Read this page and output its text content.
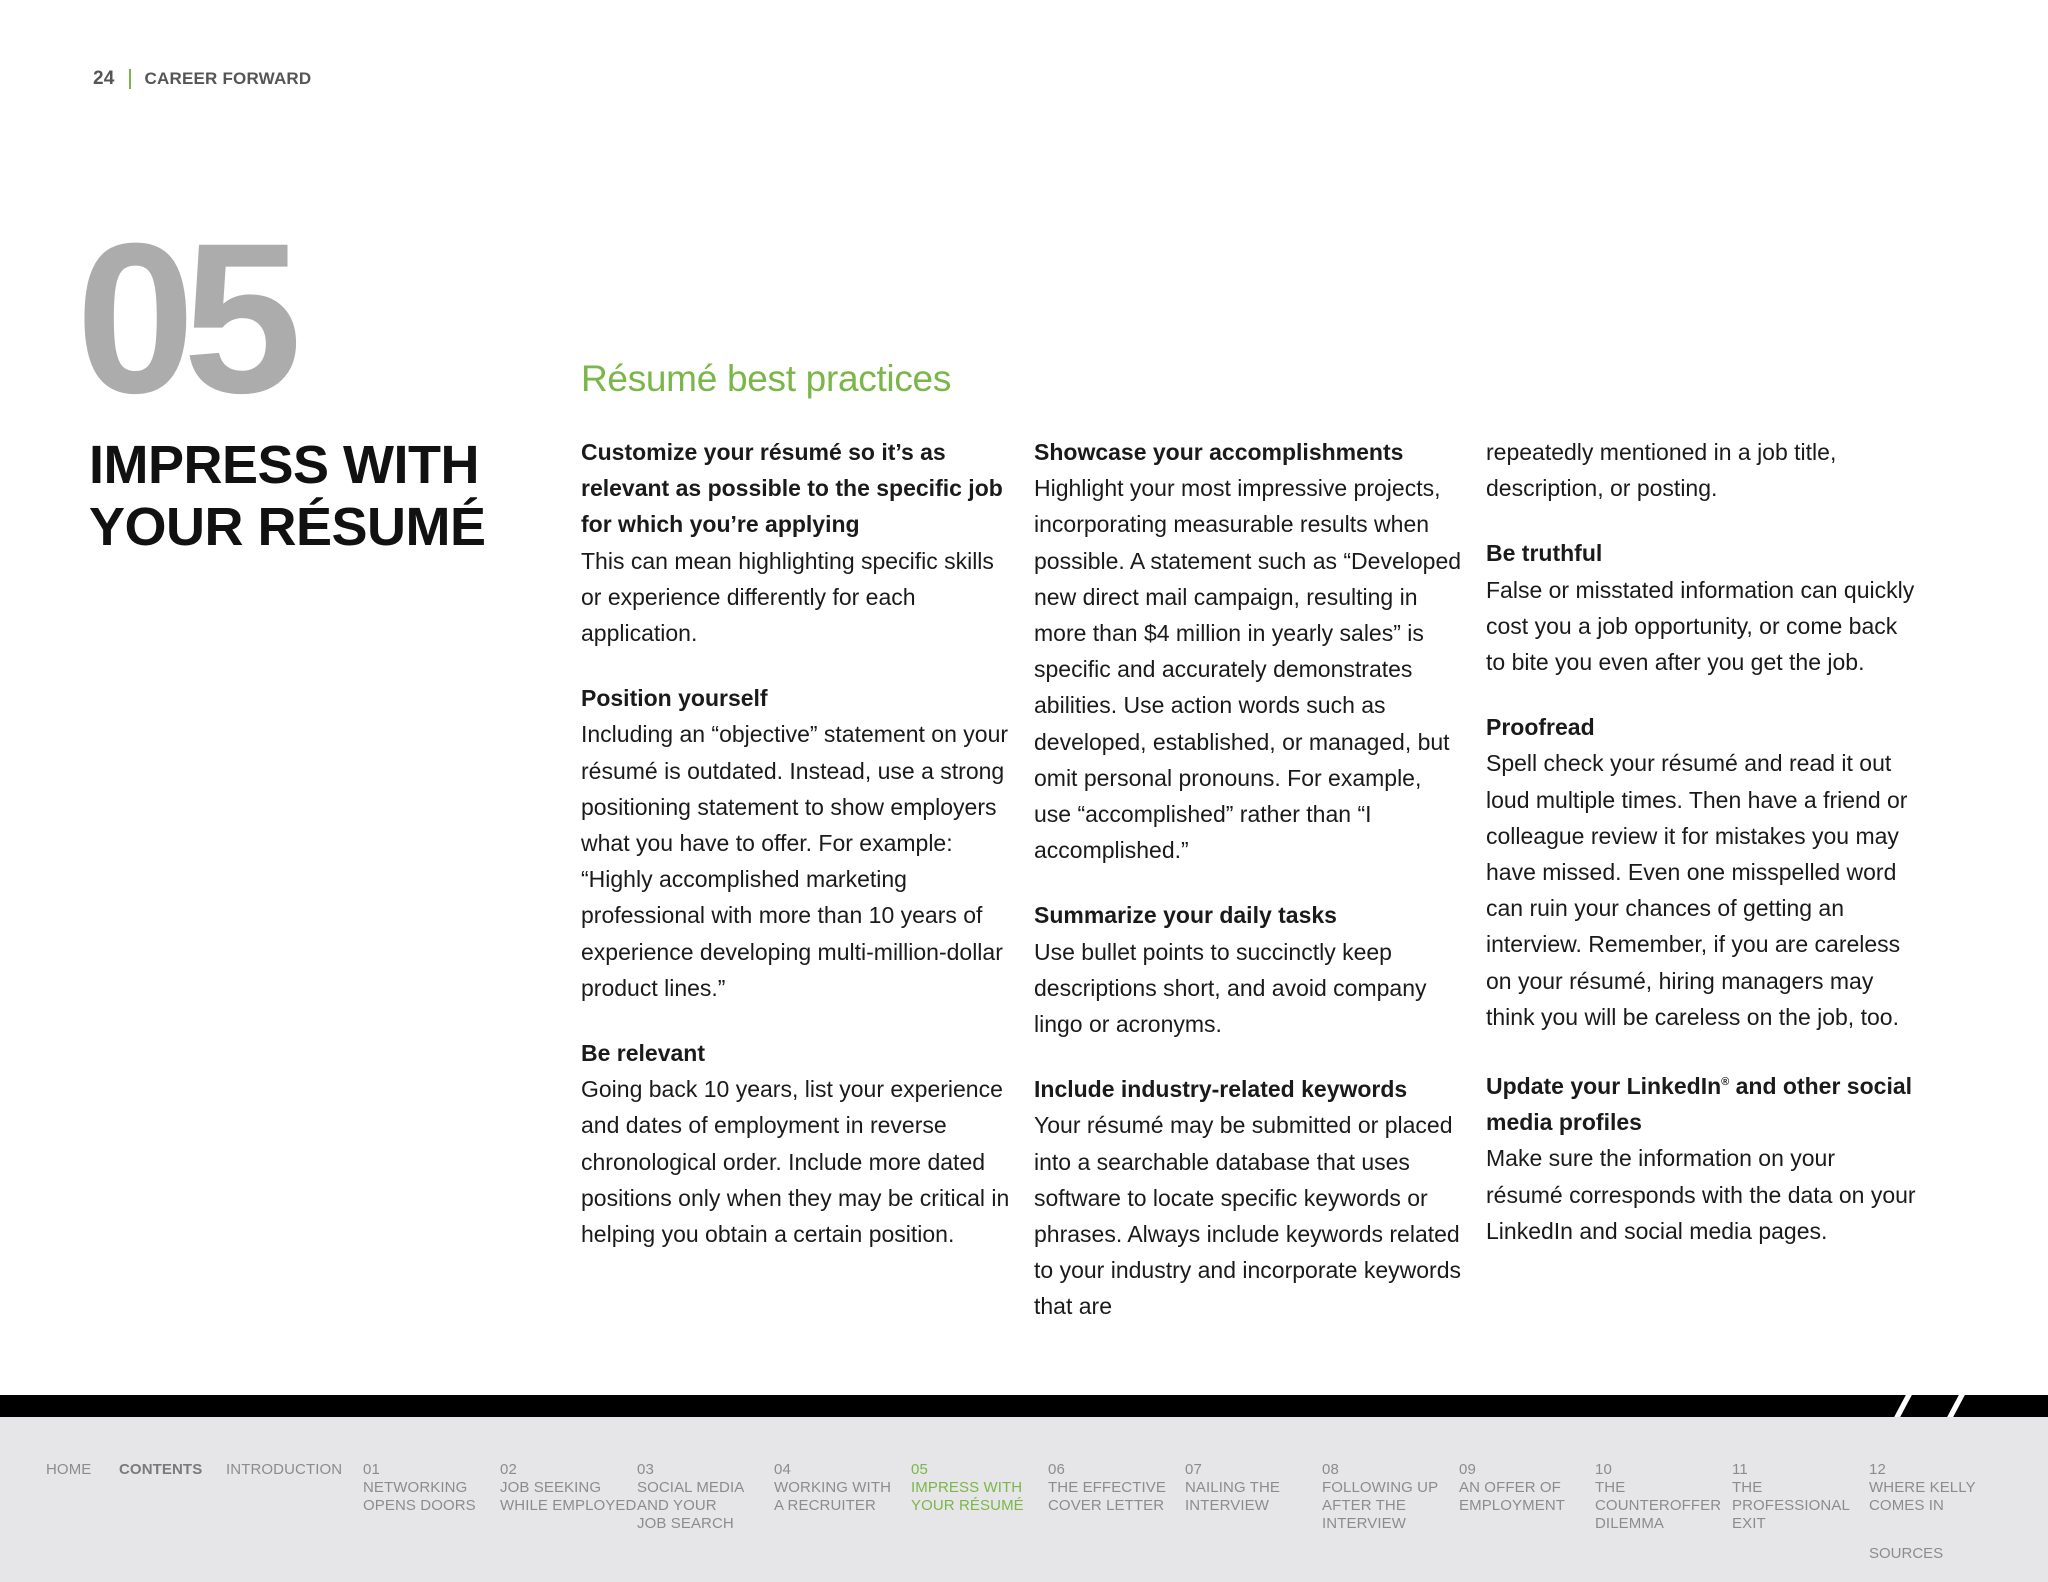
24 CAREER FORWARD
05
IMPRESS WITH
YOUR RÉSUMÉ
Résumé best practices
Customize your résumé so it’s as relevant as possible to the specific job for which you’re applying

This can mean highlighting specific skills or experience differently for each application.

Position yourself

Including an “objective” statement on your résumé is outdated. Instead, use a strong positioning statement to show employers what you have to offer. For example: “Highly accomplished marketing professional with more than 10 years of experience developing multi-million-dollar product lines.”

Be relevant

Going back 10 years, list your experience and dates of employment in reverse chronological order. Include more dated positions only when they may be critical in helping you obtain a certain position.

Showcase your accomplishments

Highlight your most impressive projects, incorporating measurable results when possible. A statement such as “Developed new direct mail campaign, resulting in more than $4 million in yearly sales” is specific and accurately demonstrates abilities. Use action words such as developed, established, or managed, but omit personal pronouns. For example, use “accomplished” rather than “I accomplished.”

Summarize your daily tasks

Use bullet points to succinctly keep descriptions short, and avoid company lingo or acronyms.

Include industry-related keywords

Your résumé may be submitted or placed into a searchable database that uses software to locate specific keywords or phrases. Always include keywords related to your industry and incorporate keywords that are

repeatedly mentioned in a job title, description, or posting.

Be truthful

False or misstated information can quickly cost you a job opportunity, or come back to bite you even after you get the job.

Proofread

Spell check your résumé and read it out loud multiple times. Then have a friend or colleague review it for mistakes you may have missed. Even one misspelled word can ruin your chances of getting an interview. Remember, if you are careless on your résumé, hiring managers may think you will be careless on the job, too.

Update your LinkedIn® and other social media profiles

Make sure the information on your résumé corresponds with the data on your LinkedIn and social media pages.

HOME CONTENTS INTRODUCTION 01
NETWORKING
OPENS DOORS
02
JOB SEEKING
WHILE EMPLOYED
03
SOCIAL MEDIA
AND YOUR
JOB SEARCH
04
WORKING WITH
A RECRUITER
05
IMPRESS WITH
YOUR RÉSUMÉ
06
THE EFFECTIVE
COVER LETTER
07
NAILING THE
INTERVIEW
08
FOLLOWING UP
AFTER THE
INTERVIEW
09
AN OFFER OF
EMPLOYMENT
10
THE
COUNTEROFFER
DILEMMA
11
THE
PROFESSIONAL
EXIT
12
WHERE KELLY
COMES IN
SOURCES
